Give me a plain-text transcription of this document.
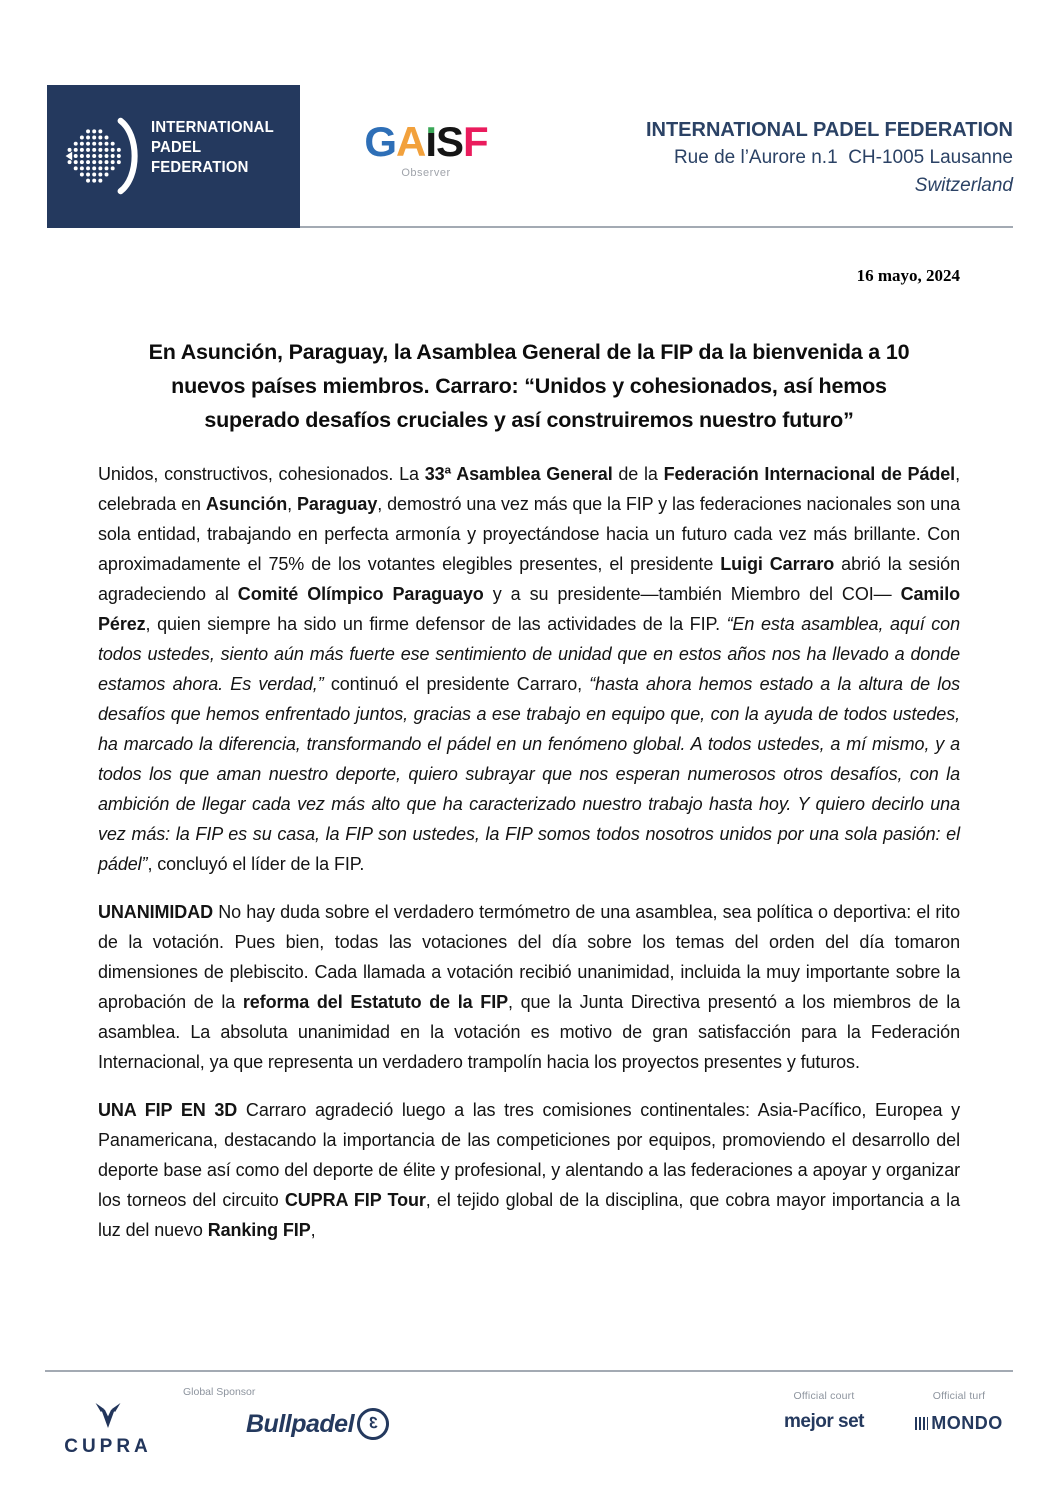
INTERNATIONAL
PADEL
FEDERATION
GAISF
Observer
INTERNATIONAL PADEL FEDERATION
Rue de l’Aurore n.1  CH-1005 Lausanne
Switzerland
16 mayo, 2024
En Asunción, Paraguay, la Asamblea General de la FIP da la bienvenida a 10
nuevos países miembros. Carraro: “Unidos y cohesionados, así hemos
superado desafíos cruciales y así construiremos nuestro futuro”

Unidos, constructivos, cohesionados. La 33ª Asamblea General de la Federación Internacional de Pádel, celebrada en Asunción, Paraguay, demostró una vez más que la FIP y las federaciones nacionales son una sola entidad, trabajando en perfecta armonía y proyectándose hacia un futuro cada vez más brillante. Con aproximadamente el 75% de los votantes elegibles presentes, el presidente Luigi Carraro abrió la sesión agradeciendo al Comité Olímpico Paraguayo y a su presidente—también Miembro del COI— Camilo Pérez, quien siempre ha sido un firme defensor de las actividades de la FIP. “En esta asamblea, aquí con todos ustedes, siento aún más fuerte ese sentimiento de unidad que en estos años nos ha llevado a donde estamos ahora. Es verdad,” continuó el presidente Carraro, “hasta ahora hemos estado a la altura de los desafíos que hemos enfrentado juntos, gracias a ese trabajo en equipo que, con la ayuda de todos ustedes, ha marcado la diferencia, transformando el pádel en un fenómeno global. A todos ustedes, a mí mismo, y a todos los que aman nuestro deporte, quiero subrayar que nos esperan numerosos otros desafíos, con la ambición de llegar cada vez más alto que ha caracterizado nuestro trabajo hasta hoy. Y quiero decirlo una vez más: la FIP es su casa, la FIP son ustedes, la FIP somos todos nosotros unidos por una sola pasión: el pádel”, concluyó el líder de la FIP.

UNANIMIDAD No hay duda sobre el verdadero termómetro de una asamblea, sea política o deportiva: el rito de la votación. Pues bien, todas las votaciones del día sobre los temas del orden del día tomaron dimensiones de plebiscito. Cada llamada a votación recibió unanimidad, incluida la muy importante sobre la aprobación de la reforma del Estatuto de la FIP, que la Junta Directiva presentó a los miembros de la asamblea. La absoluta unanimidad en la votación es motivo de gran satisfacción para la Federación Internacional, ya que representa un verdadero trampolín hacia los proyectos presentes y futuros.

UNA FIP EN 3D Carraro agradeció luego a las tres comisiones continentales: Asia-Pacífico, Europea y Panamericana, destacando la importancia de las competiciones por equipos, promoviendo el desarrollo del deporte base así como del deporte de élite y profesional, y alentando a las federaciones a apoyar y organizar los torneos del circuito CUPRA FIP Tour, el tejido global de la disciplina, que cobra mayor importancia a la luz del nuevo Ranking FIP,

Global Sponsor
CUPRA
Bullpadel 3
Official court
mejor set
Official turf
MONDO
